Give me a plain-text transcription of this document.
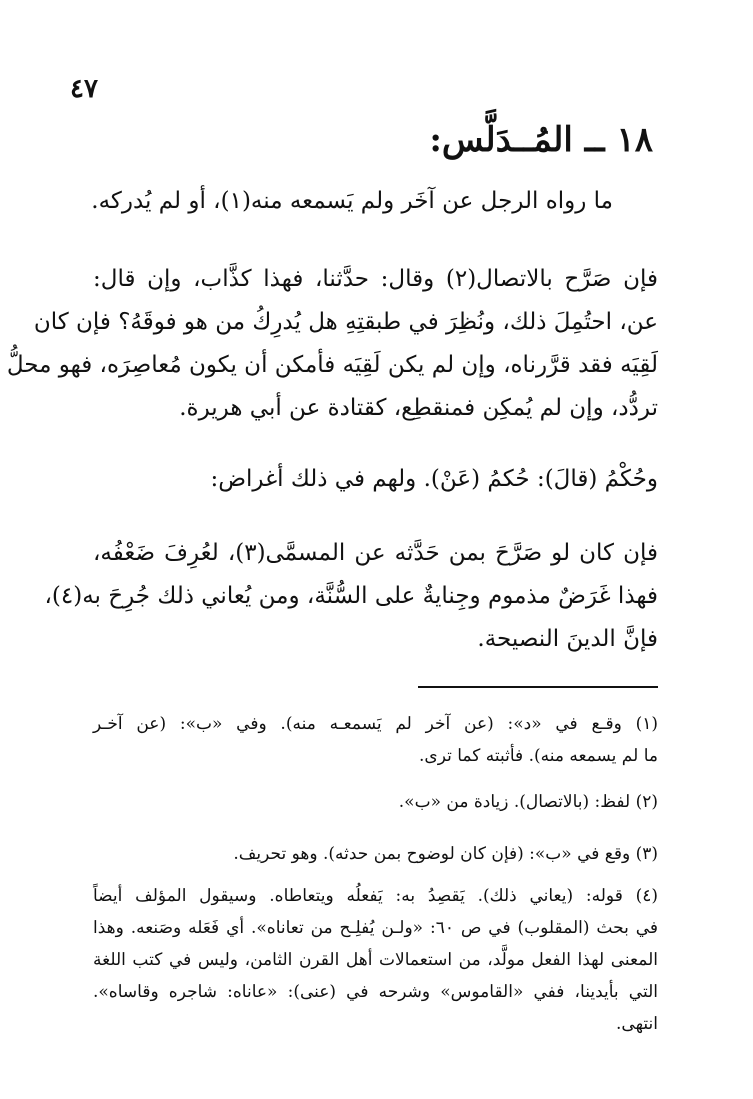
٤٧
١٨ ــ المُــدَلَّس:
ما رواه الرجل عن آخَر ولم يَسمعه منه(١)، أو لم يُدركه.
فإن صَرَّح بالاتصال(٢) وقال: حدَّثنا، فهذا كذَّاب، وإن قال:
عن، احتُمِلَ ذلك، ونُظِرَ في طبقتِهِ هل يُدرِكُ من هو فوقَهُ؟ فإن كان
لَقِيَه فقد قرَّرناه، وإن لم يكن لَقِيَه فأمكن أن يكون مُعاصِرَه، فهو محلُّ
تردُّد، وإن لم يُمكِن فمنقطِع، كقتادة عن أبي هريرة.
وحُكْمُ (قالَ): حُكمُ (عَنْ). ولهم في ذلك أغراض:
فإن كان لو صَرَّحَ بمن حَدَّثه عن المسمَّى(٣)، لعُرِفَ ضَعْفُه،
فهذا غَرَضٌ مذموم وجِنايةٌ على السُّنَّة، ومن يُعاني ذلك جُرِحَ به(٤)،
فإنَّ الدينَ النصيحة.
(١) وقـع في «د»: (عن آخر لم يَسمعـه منه). وفي «ب»: (عن آخـر
ما لم يسمعه منه). فأثبته كما ترى.
(٢) لفظ: (بالاتصال). زيادة من «ب».
(٣) وقع في «ب»: (فإن كان لوضوح بمن حدثه). وهو تحريف.
(٤) قوله: (يعاني ذلك). يَقصِدُ به: يَفعلُه ويتعاطاه. وسيقول المؤلف أيضاً
في بحث (المقلوب) في ص ٦٠: «ولـن يُفلِـح من تعاناه». أي فَعَله وصَنعه. وهذا
المعنى لهذا الفعل مولَّد، من استعمالات أهل القرن الثامن، وليس في كتب اللغة
التي بأيدينا، ففي «القاموس» وشرحه في (عنى): «عاناه: شاجره وقاساه». انتهى.
